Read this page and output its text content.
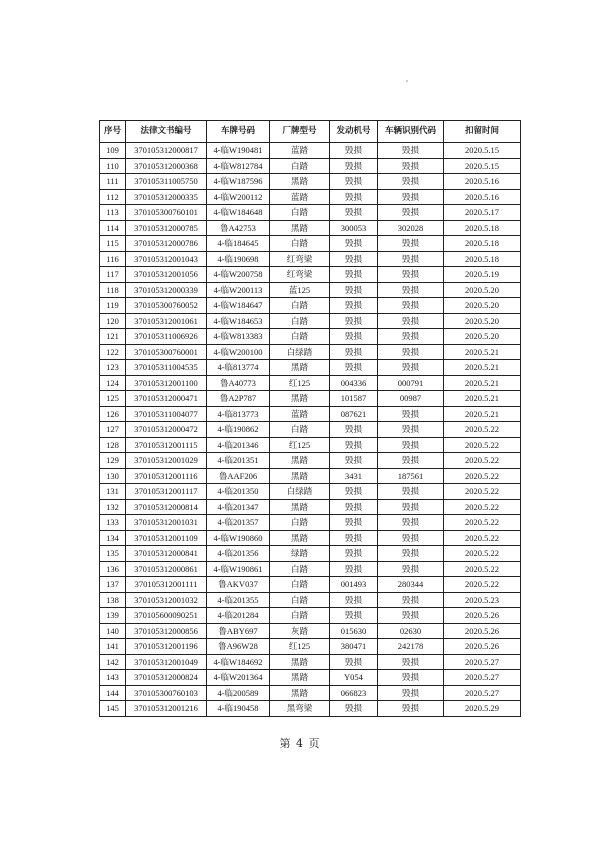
序号	法律文书编号	车牌号码	厂牌型号	发动机号	车辆识别代码	扣留时间
109	370105312000817	4-临W190481	蓝踏	毁损	毁损	2020.5.15
110	370105312000368	4-临W812784	白踏	毁损	毁损	2020.5.15
111	370105311005750	4-临W187596	黑踏	毁损	毁损	2020.5.16
112	370105312000335	4-临W200112	蓝踏	毁损	毁损	2020.5.16
113	370105300760101	4-临W184648	白踏	毁损	毁损	2020.5.17
114	370105312000785	鲁A42753	黑踏	300053	302028	2020.5.18
115	370105312000786	4-临184645	白踏	毁损	毁损	2020.5.18
116	370105312001043	4-临190698	红弯梁	毁损	毁损	2020.5.18
117	370105312001056	4-临W200758	红弯梁	毁损	毁损	2020.5.19
118	370105312000339	4-临W200113	蓝125	毁损	毁损	2020.5.20
119	370105300760052	4-临W184647	白踏	毁损	毁损	2020.5.20
120	370105312001061	4-临W184653	白踏	毁损	毁损	2020.5.20
121	370105311006926	4-临W813383	白踏	毁损	毁损	2020.5.20
122	370105300760001	4-临W200100	白绿踏	毁损	毁损	2020.5.21
123	370105311004535	4-临813774	黑踏	毁损	毁损	2020.5.21
124	370105312001100	鲁A40773	红125	004336	000791	2020.5.21
125	370105312000471	鲁A2P787	黑踏	101587	00987	2020.5.21
126	370105311004077	4-临813773	蓝踏	087621	毁损	2020.5.21
127	370105312000472	4-临190862	白踏	毁损	毁损	2020.5.22
128	370105312001115	4-临201346	红125	毁损	毁损	2020.5.22
129	370105312001029	4-临201351	黑踏	毁损	毁损	2020.5.22
130	370105312001116	鲁AAF206	黑踏	3431	187561	2020.5.22
131	370105312001117	4-临201350	白绿踏	毁损	毁损	2020.5.22
132	370105312000814	4-临201347	黑踏	毁损	毁损	2020.5.22
133	370105312001031	4-临201357	白踏	毁损	毁损	2020.5.22
134	370105312001109	4-临W190860	黑踏	毁损	毁损	2020.5.22
135	370105312000841	4-临201356	绿踏	毁损	毁损	2020.5.22
136	370105312000861	4-临W190861	白踏	毁损	毁损	2020.5.22
137	370105312001111	鲁AKV037	白踏	001493	280344	2020.5.22
138	370105312001032	4-临201355	白踏	毁损	毁损	2020.5.23
139	370105600090251	4-临201284	白踏	毁损	毁损	2020.5.26
140	370105312000856	鲁ABY697	灰踏	015630	02630	2020.5.26
141	370105312001196	鲁A96W28	红125	380471	242178	2020.5.26
142	370105312001049	4-临W184692	黑踏	毁损	毁损	2020.5.27
143	370105312000824	4-临W201364	黑踏	Y054	毁损	2020.5.27
144	370105300760103	4-临200589	黑踏	066823	毁损	2020.5.27
145	370105312001216	4-临190458	黑弯梁	毁损	毁损	2020.5.29
第 4 页
